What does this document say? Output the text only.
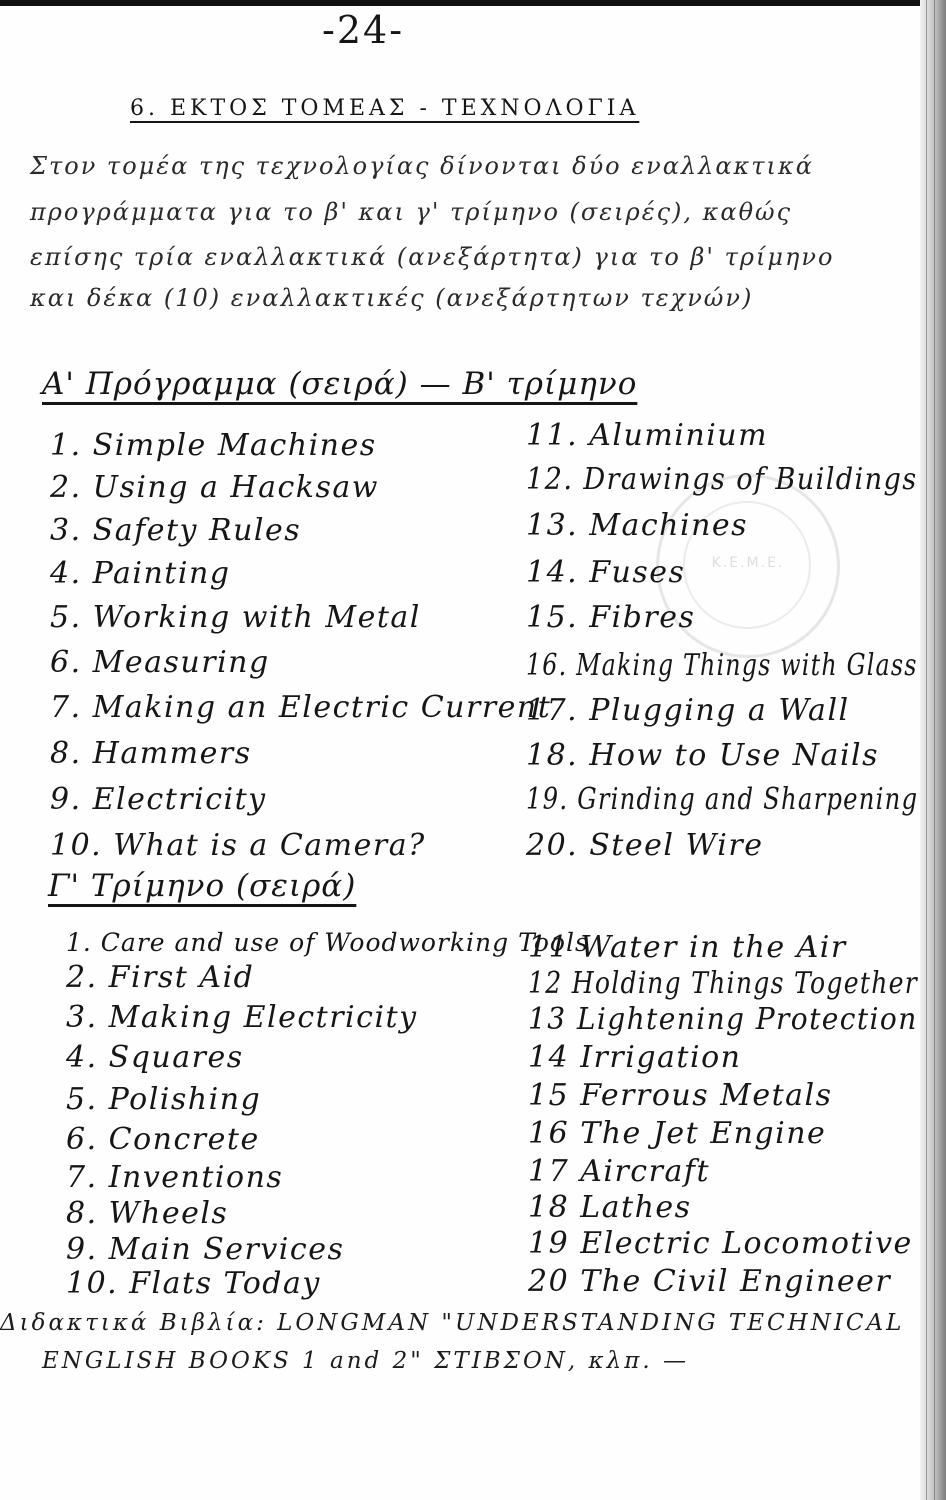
Κ.Ε.Μ.Ε.
-24-
6. ΕΚΤΟΣ ΤΟΜΕΑΣ - ΤΕΧΝΟΛΟΓΙΑ
Στον τομέα της τεχνολογίας δίνονται δύο εναλλακτικά
προγράμματα για το β' και γ' τρίμηνο (σειρές), καθώς
επίσης τρία εναλλακτικά (ανεξάρτητα) για το β' τρίμηνο
και δέκα (10) εναλλακτικές (ανεξάρτητων τεχνών)
Α' Πρόγραμμα (σειρά) — Β' τρίμηνο
1. Simple Machines
2. Using a Hacksaw
3. Safety Rules
4. Painting
5. Working with Metal
6. Measuring
7. Making an Electric Current
8. Hammers
9. Electricity
10. What is a Camera?
11. Aluminium
12. Drawings of Buildings
13. Machines
14. Fuses
15. Fibres
16. Making Things with Glass
17. Plugging a Wall
18. How to Use Nails
19. Grinding and Sharpening
20. Steel Wire
Γ' Τρίμηνο (σειρά)
1. Care and use of Woodworking Tools
2. First Aid
3. Making Electricity
4. Squares
5. Polishing
6. Concrete
7. Inventions
8. Wheels
9. Main Services
10. Flats Today
11 Water in the Air
12 Holding Things Together
13 Lightening Protection
14 Irrigation
15 Ferrous Metals
16 The Jet Engine
17 Aircraft
18 Lathes
19 Electric Locomotive
20 The Civil Engineer
Διδακτικά Βιβλία: LONGMAN "UNDERSTANDING TECHNICAL
ENGLISH BOOKS 1 and 2" ΣΤΙΒΣΟΝ, κλπ. —
